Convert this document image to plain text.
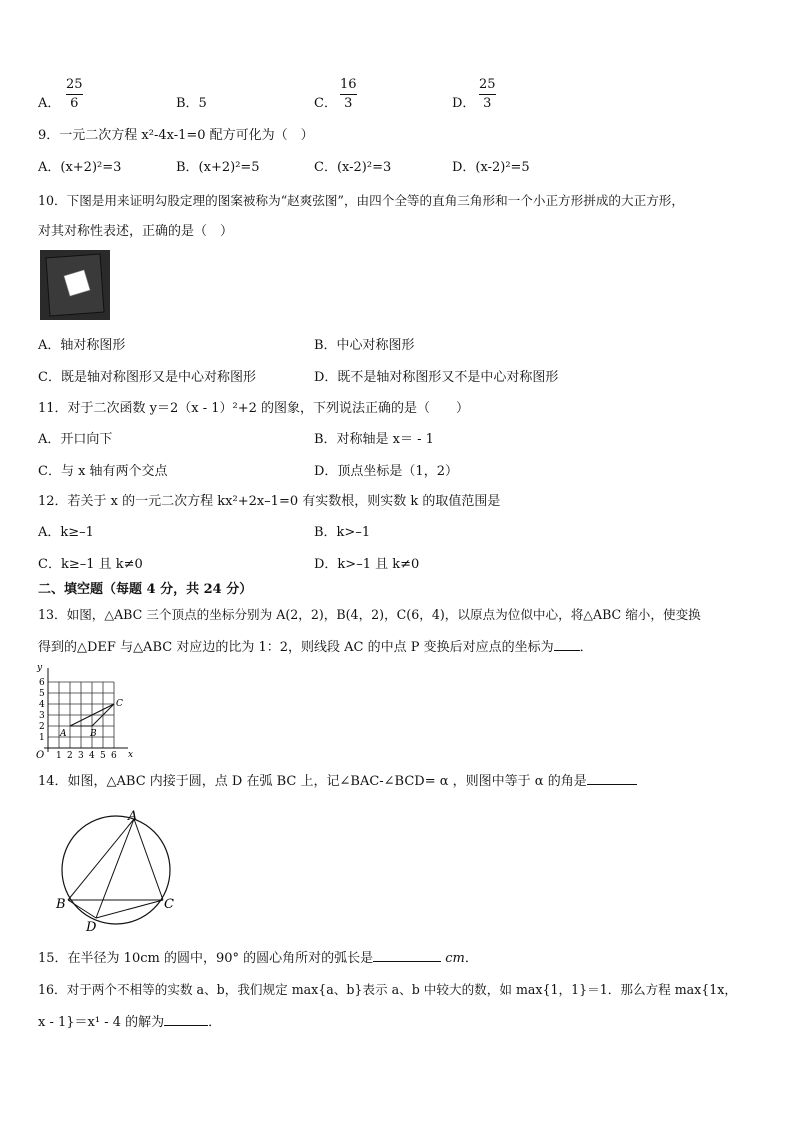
A．
25
6	B．5	C．
16
3	D．
25
3
9．一元二次方程 x²-4x-1=0 配方可化为（　）
A．(x+2)²=3	B．(x+2)²=5	C．(x-2)²=3	D．(x-2)²=5
10．下图是用来证明勾股定理的图案被称为“赵爽弦图”，由四个全等的直角三角形和一个小正方形拼成的大正方形，
对其对称性表述，正确的是（　）
A．轴对称图形	B．中心对称图形
C．既是轴对称图形又是中心对称图形	D．既不是轴对称图形又不是中心对称图形
11．对于二次函数 y＝2（x - 1）²+2 的图象，下列说法正确的是（　　）
A．开口向下	B．对称轴是 x＝ - 1
C．与 x 轴有两个交点	D．顶点坐标是（1，2）
12．若关于 x 的一元二次方程 kx²+2x–1=0 有实数根，则实数 k 的取值范围是
A．k≥–1	B．k>–1
C．k≥–1 且 k≠0	D．k>–1 且 k≠0
二、填空题（每题 4 分，共 24 分）
13．如图，△ABC 三个顶点的坐标分别为 A(2，2)，B(4，2)，C(6，4)，以原点为位似中心，将△ABC 缩小，使变换
得到的△DEF 与△ABC 对应边的比为 1：2，则线段 AC 的中点 P 变换后对应点的坐标为 ．
y
x
O
1
2
3
4
5
6
1 2 3 4 5 6
A	B
C
14．如图，△ABC 内接于圆，点 D 在弧 BC 上，记∠BAC-∠BCD= α ，则图中等于 α 的角是
A
B	C
D
15．在半径为 10cm 的圆中，90° 的圆心角所对的弧长是	cm．
16．对于两个不相等的实数 a、b，我们规定 max{a、b}表示 a、b 中较大的数，如 max{1，1}＝1．那么方程 max{1x，
x - 1}＝x¹ - 4 的解为	．
